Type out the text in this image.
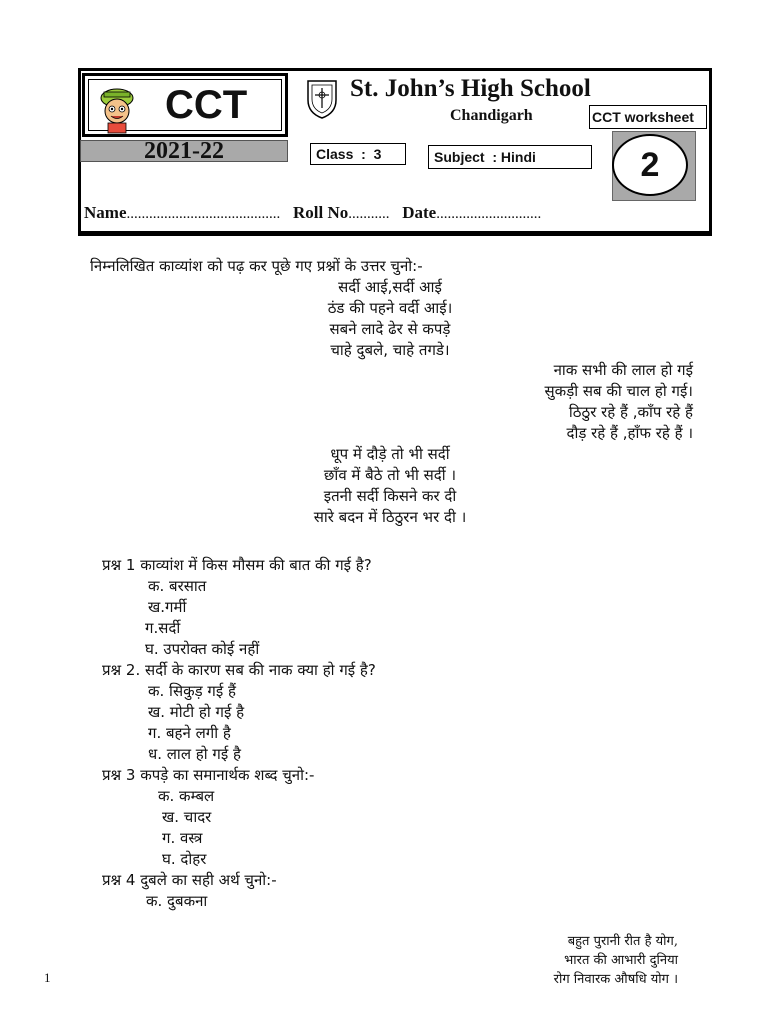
CCT
2021-22
St. John’s High School
Chandigarh	CCT worksheet
Class  :  3	Subject  : Hindi	2
Name......................................... Roll No........... Date............................
निम्नलिखित काव्यांश को पढ़ कर पूछे गए प्रश्नों के उत्तर चुनो:-
सर्दी आई,सर्दी आई
ठंड की पहने वर्दी आई।
सबने लादे ढेर से कपड़े
चाहे दुबले, चाहे तगडे।
नाक सभी की लाल हो गई
सुकड़ी सब की चाल हो गई।
ठिठुर रहे हैं ,काँप रहे हैं
दौड़ रहे हैं ,हाँफ रहे हैं ।
धूप में दौड़े तो भी सर्दी
छाँव में बैठे तो भी सर्दी ।
इतनी सर्दी किसने कर दी
सारे बदन में ठिठुरन भर दी ।
प्रश्न 1 काव्यांश में किस मौसम की बात की गई है?
क. बरसात
ख.गर्मी
ग.सर्दी
घ. उपरोक्त कोई नहीं
प्रश्न 2. सर्दी के कारण सब की नाक क्या हो गई है?
क. सिकुड़ गई हैं
ख. मोटी हो गई है
ग. बहने लगी है
ध. लाल हो गई है
प्रश्न 3 कपड़े का समानार्थक शब्द चुनो:-
क. कम्बल
ख. चादर
ग. वस्त्र
घ. दोहर
प्रश्न 4 दुबले का सही अर्थ चुनो:-
क. दुबकना
बहुत पुरानी रीत है योग,
भारत की आभारी दुनिया
रोग निवारक औषधि योग ।
1
